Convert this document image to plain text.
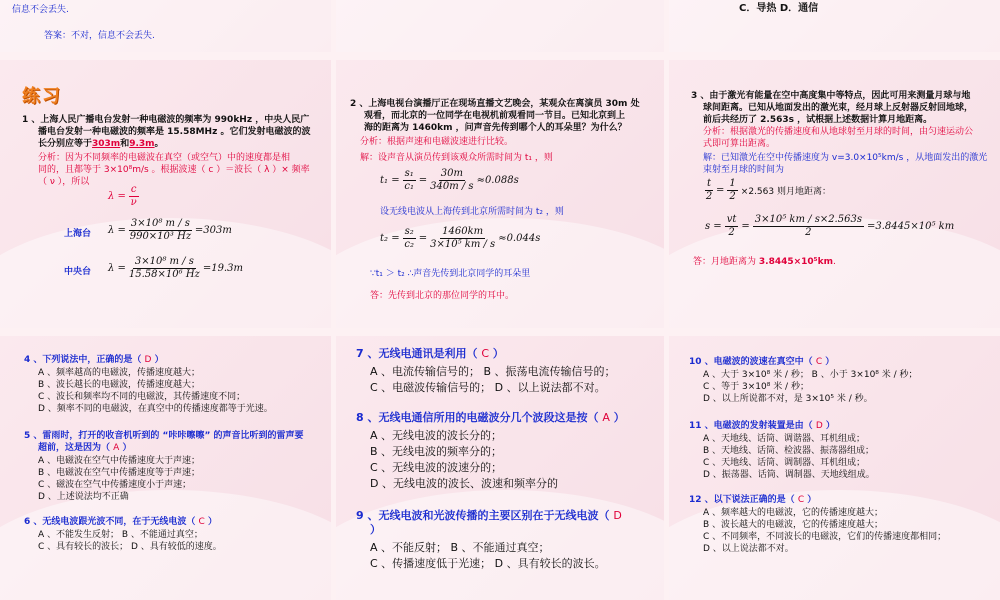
信息不会丢失.
答案：不对，信息不会丢失.
C．导热 D．通信
练习
1 、上海人民广播电台发射一种电磁波的频率为 990kHz ，中央人民广
播电台发射一种电磁波的频率是 15.58MHz 。它们发射电磁波的波
长分别应等于303m和9.3m。
分析：因为不同频率的电磁波在真空（或空气）中的速度都是相
同的，且都等于 3×10⁸m/s 。根据波速（ c ）＝波长（ λ ）× 频率
（ ν ），所以
$\lambda = \frac{c}{\nu}$
上海台 $\lambda = \frac{\text{3×10⁸ m / s}}{\text{990×10³ Hz}} =303m$
中央台 $\lambda = \frac{\text{3×10⁸ m / s}}{\text{15.58×10⁶ Hz}} =19.3m$
2 、上海电视台演播厅正在现场直播文艺晚会，某观众在离演员 30m 处
观看，而北京的一位同学在电视机前观看同一节目。已知北京到上
海的距离为 1460km ，问声音先传到哪个人的耳朵里？为什么？
分析：根据声速和电磁波速进行比较。
解：设声音从演员传到该观众所需时间为 t₁ ，则
$t_1 = \frac{\text{s₁}}{\text{c₁}} = \frac{30m}{340m / s} \approx 0.088s$
设无线电波从上海传到北京所需时间为 t₂ ，则
$t_2 = \frac{\text{s₂}}{\text{c₂}} = \frac{1460km}{\text{3×10⁵ km / s}} \approx 0.044s$
∵t₁ ＞ t₂ ∴声音先传到北京同学的耳朵里
答：先传到北京的那位同学的耳中。
3 、由于激光有能量在空中高度集中等特点，因此可用来测量月球与地
球间距离。已知从地面发出的激光束，经月球上反射器反射回地球，
前后共经历了 2.563s ，试根据上述数据计算月地距离。
分析：根据激光的传播速度和从地球射至月球的时间，由匀速运动公
式即可算出距离。
解：已知激光在空中传播速度为 v=3.0×10⁵km/s ，从地面发出的激光
束射至月球的时间为
$\frac{t}{2} = \frac{1}{2} \times 2.563$ 则月地距离：
$s = \frac{vt}{2} = \frac{\text{3×10⁵ km / s×2.563s}}{2} =3.8445\times 10^5$ km
答：月地距离为 3.8445×10⁵km.
4 、下列说法中，正确的是（ D ）
A 、频率越高的电磁波，传播速度越大；
B 、波长越长的电磁波，传播速度越大；
C 、波长和频率均不同的电磁波，其传播速度不同；
D 、频率不同的电磁波，在真空中的传播速度都等于光速。
5 、雷雨时，打开的收音机听到的 “咔咔嚓嚓” 的声音比听到的雷声要
超前，这是因为（ A ）
A 、电磁波在空气中传播速度大于声速；
B 、电磁波在空气中传播速度等于声速；
C 、磁波在空气中传播速度小于声速；
D 、上述说法均不正确
6 、无线电波跟光波不同，在于无线电波（ C ）
A 、不能发生反射； B 、不能通过真空；
C 、具有较长的波长； D 、具有较低的速度。
7 、无线电通讯是利用（ C ）
A 、电流传输信号的； B 、振荡电流传输信号的；
C 、电磁波传输信号的； D 、以上说法都不对。
8 、无线电通信所用的电磁波分几个波段这是按（ A ）
A 、无线电波的波长分的；
B 、无线电波的频率分的；
C 、无线电波的波速分的；
D 、无线电波的波长、波速和频率分的
9 、无线电波和光波传播的主要区别在于无线电波（ D
）
A 、不能反射； B 、不能通过真空；
C 、传播速度低于光速； D 、具有较长的波长。
10 、电磁波的波速在真空中（ C ）
A 、大于 3×10⁸ 米 / 秒； B 、小于 3×10⁸ 米 / 秒；
C 、等于 3×10⁸ 米 / 秒；
D 、以上所说都不对，是 3×10⁵ 米 / 秒。
11 、电磁波的发射装置是由（ D ）
A 、天地线、话筒、调谐器、耳机组成；
B 、天地线、话筒、检波器、振荡器组成；
C 、天地线、话筒、调制器、耳机组成；
D 、振荡器、话筒、调制器、天地线组成。
12 、以下说法正确的是（ C ）
A 、频率越大的电磁波，它的传播速度越大；
B 、波长越大的电磁波，它的传播速度越大；
C 、不同频率，不同波长的电磁波，它们的传播速度都相同；
D 、以上说法都不对。
